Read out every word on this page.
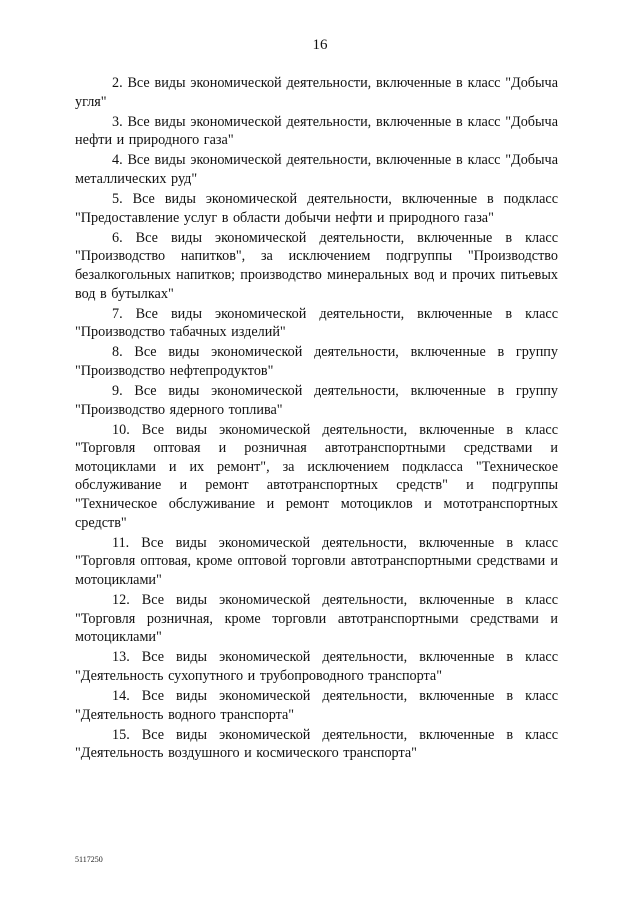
16

2. Все виды экономической деятельности, включенные в класс "Добыча угля"

3. Все виды экономической деятельности, включенные в класс "Добыча нефти и природного газа"

4. Все виды экономической деятельности, включенные в класс "Добыча металлических руд"

5. Все виды экономической деятельности, включенные в подкласс "Предоставление услуг в области добычи нефти и природного газа"

6. Все виды экономической деятельности, включенные в класс "Производство напитков", за исключением подгруппы "Производство безалкогольных напитков; производство минеральных вод и прочих питьевых вод в бутылках"

7. Все виды экономической деятельности, включенные в класс "Производство табачных изделий"

8. Все виды экономической деятельности, включенные в группу "Производство нефтепродуктов"

9. Все виды экономической деятельности, включенные в группу "Производство ядерного топлива"

10. Все виды экономической деятельности, включенные в класс "Торговля оптовая и розничная автотранспортными средствами и мотоциклами и их ремонт", за исключением подкласса "Техническое обслуживание и ремонт автотранспортных средств" и подгруппы "Техническое обслуживание и ремонт мотоциклов и мототранспортных средств"

11. Все виды экономической деятельности, включенные в класс "Торговля оптовая, кроме оптовой торговли автотранспортными средствами и мотоциклами"

12. Все виды экономической деятельности, включенные в класс "Торговля розничная, кроме торговли автотранспортными средствами и мотоциклами"

13. Все виды экономической деятельности, включенные в класс "Деятельность сухопутного и трубопроводного транспорта"

14. Все виды экономической деятельности, включенные в класс "Деятельность водного транспорта"

15. Все виды экономической деятельности, включенные в класс "Деятельность воздушного и космического транспорта"

5117250
